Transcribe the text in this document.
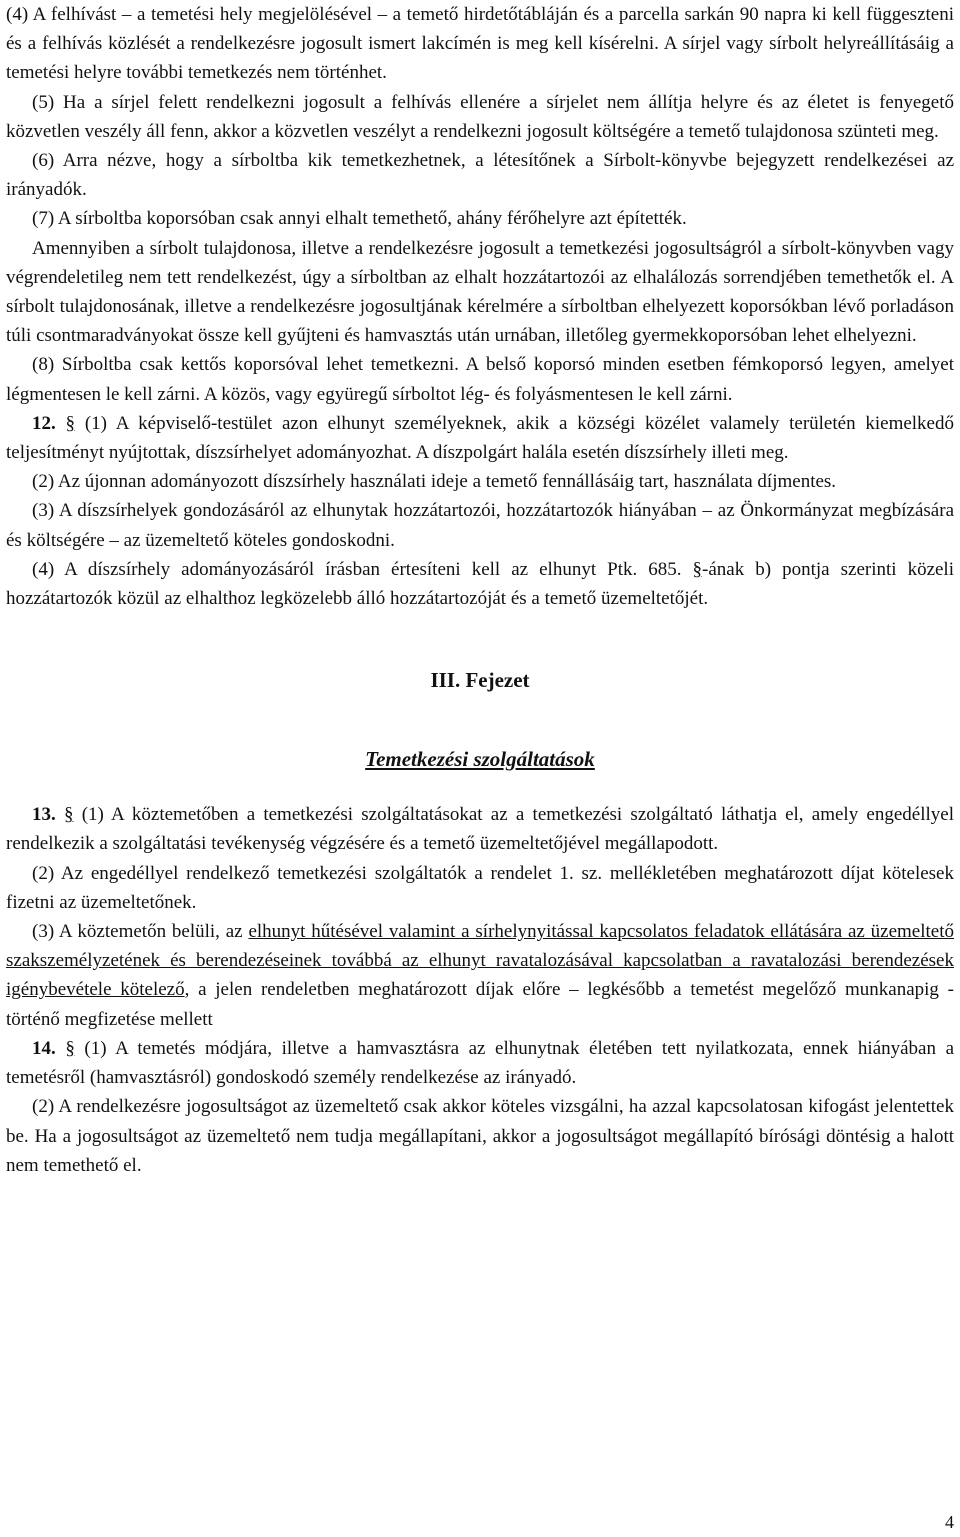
(4) A felhívást – a temetési hely megjelölésével – a temető hirdetőtábláján és a parcella sarkán 90 napra ki kell függeszteni és a felhívás közlését a rendelkezésre jogosult ismert lakcímén is meg kell kísérelni. A sírjel vagy sírbolt helyreállításáig a temetési helyre további temetkezés nem történhet.

(5) Ha a sírjel felett rendelkezni jogosult a felhívás ellenére a sírjelet nem állítja helyre és az életet is fenyegető közvetlen veszély áll fenn, akkor a közvetlen veszélyt a rendelkezni jogosult költségére a temető tulajdonosa szünteti meg.

(6) Arra nézve, hogy a sírboltba kik temetkezhetnek, a létesítőnek a Sírbolt-könyvbe bejegyzett rendelkezései az irányadók.

(7) A sírboltba koporsóban csak annyi elhalt temethető, ahány férőhelyre azt építették.

Amennyiben a sírbolt tulajdonosa, illetve a rendelkezésre jogosult a temetkezési jogosultságról a sírbolt-könyvben vagy végrendeletileg nem tett rendelkezést, úgy a sírboltban az elhalt hozzátartozói az elhalálozás sorrendjében temethetők el. A sírbolt tulajdonosának, illetve a rendelkezésre jogosultjának kérelmére a sírboltban elhelyezett koporsókban lévő porladáson túli csontmaradványokat össze kell gyűjteni és hamvasztás után urnában, illetőleg gyermekkoporsóban lehet elhelyezni.

(8) Sírboltba csak kettős koporsóval lehet temetkezni. A belső koporsó minden esetben fémkoporsó legyen, amelyet légmentesen le kell zárni. A közös, vagy együregű sírboltot lég- és folyásmentesen le kell zárni.

12. § (1) A képviselő-testület azon elhunyt személyeknek, akik a községi közélet valamely területén kiemelkedő teljesítményt nyújtottak, díszsírhelyet adományozhat. A díszpolgárt halála esetén díszsírhely illeti meg.

(2) Az újonnan adományozott díszsírhely használati ideje a temető fennállásáig tart, használata díjmentes.

(3) A díszsírhelyek gondozásáról az elhunytak hozzátartozói, hozzátartozók hiányában – az Önkormányzat megbízására és költségére – az üzemeltető köteles gondoskodni.

(4) A díszsírhely adományozásáról írásban értesíteni kell az elhunyt Ptk. 685. §-ának b) pontja szerinti közeli hozzátartozók közül az elhalthoz legközelebb álló hozzátartozóját és a temető üzemeltetőjét.

III. Fejezet

Temetkezési szolgáltatások

13. § (1) A köztemetőben a temetkezési szolgáltatásokat az a temetkezési szolgáltató láthatja el, amely engedéllyel rendelkezik a szolgáltatási tevékenység végzésére és a temető üzemeltetőjével megállapodott.

(2) Az engedéllyel rendelkező temetkezési szolgáltatók a rendelet 1. sz. mellékletében meghatározott díjat kötelesek fizetni az üzemeltetőnek.

(3) A köztemetőn belüli, az elhunyt hűtésével valamint a sírhelynyitással kapcsolatos feladatok ellátására az üzemeltető szakszemélyzetének és berendezéseinek továbbá az elhunyt ravatalozásával kapcsolatban a ravatalozási berendezések igénybevétele kötelező, a jelen rendeletben meghatározott díjak előre – legkésőbb a temetést megelőző munkanapig - történő megfizetése mellett

14. § (1) A temetés módjára, illetve a hamvasztásra az elhunytnak életében tett nyilatkozata, ennek hiányában a temetésről (hamvasztásról) gondoskodó személy rendelkezése az irányadó.

(2) A rendelkezésre jogosultságot az üzemeltető csak akkor köteles vizsgálni, ha azzal kapcsolatosan kifogást jelentettek be. Ha a jogosultságot az üzemeltető nem tudja megállapítani, akkor a jogosultságot megállapító bírósági döntésig a halott nem temethető el.

4
